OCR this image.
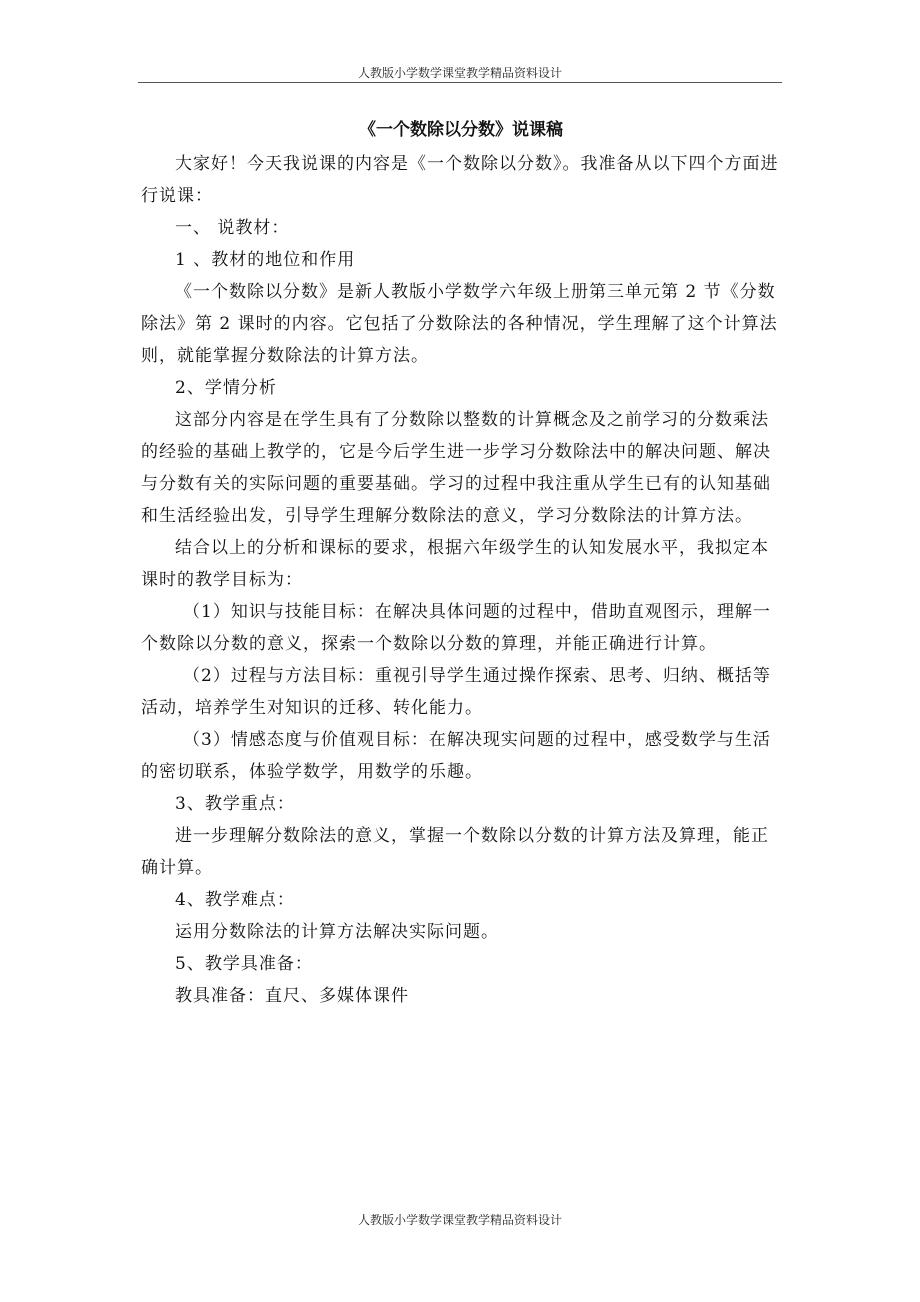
人教版小学数学课堂教学精品资料设计
《一个数除以分数》说课稿

大家好！今天我说课的内容是《一个数除以分数》。我准备从以下四个方面进行说课：

一、 说教材：

1 、教材的地位和作用

《一个数除以分数》是新人教版小学数学六年级上册第三单元第 2 节《分数除法》第 2 课时的内容。它包括了分数除法的各种情况，学生理解了这个计算法则，就能掌握分数除法的计算方法。

2、学情分析

这部分内容是在学生具有了分数除以整数的计算概念及之前学习的分数乘法的经验的基础上教学的，它是今后学生进一步学习分数除法中的解决问题、解决与分数有关的实际问题的重要基础。学习的过程中我注重从学生已有的认知基础和生活经验出发，引导学生理解分数除法的意义，学习分数除法的计算方法。

结合以上的分析和课标的要求，根据六年级学生的认知发展水平，我拟定本课时的教学目标为：

（1）知识与技能目标：在解决具体问题的过程中，借助直观图示，理解一个数除以分数的意义，探索一个数除以分数的算理，并能正确进行计算。

（2）过程与方法目标：重视引导学生通过操作探索、思考、归纳、概括等活动，培养学生对知识的迁移、转化能力。

（3）情感态度与价值观目标：在解决现实问题的过程中，感受数学与生活的密切联系，体验学数学，用数学的乐趣。

3、教学重点：

进一步理解分数除法的意义，掌握一个数除以分数的计算方法及算理，能正确计算。

4、教学难点：

运用分数除法的计算方法解决实际问题。

5、教学具准备：

教具准备：直尺、多媒体课件

人教版小学数学课堂教学精品资料设计
